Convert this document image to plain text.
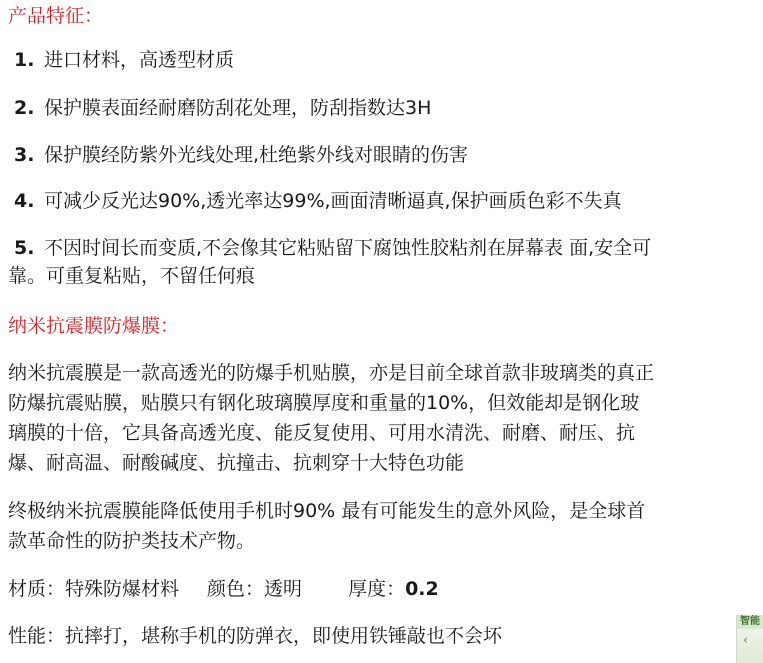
产品特征：
1. 进口材料，高透型材质
2. 保护膜表面经耐磨防刮花处理，防刮指数达3H
3. 保护膜经防紫外光线处理,杜绝紫外线对眼睛的伤害
4. 可减少反光达90%,透光率达99%,画面清晰逼真,保护画质色彩不失真
5. 不因时间长而变质,不会像其它粘贴留下腐蚀性胶粘剂在屏幕表 面,安全可
靠。可重复粘贴，不留任何痕
纳米抗震膜防爆膜：
纳米抗震膜是一款高透光的防爆手机贴膜，亦是目前全球首款非玻璃类的真正
防爆抗震贴膜，贴膜只有钢化玻璃膜厚度和重量的10%，但效能却是钢化玻
璃膜的十倍，它具备高透光度、能反复使用、可用水清洗、耐磨、耐压、抗
爆、耐高温、耐酸碱度、抗撞击、抗刺穿十大特色功能
终极纳米抗震膜能降低使用手机时90% 最有可能发生的意外风险，是全球首
款革命性的防护类技术产物。
材质：特殊防爆材料 颜色：透明 厚度：0.2
性能：抗摔打，堪称手机的防弹衣，即使用铁锤敲也不会坏
智能
‹
